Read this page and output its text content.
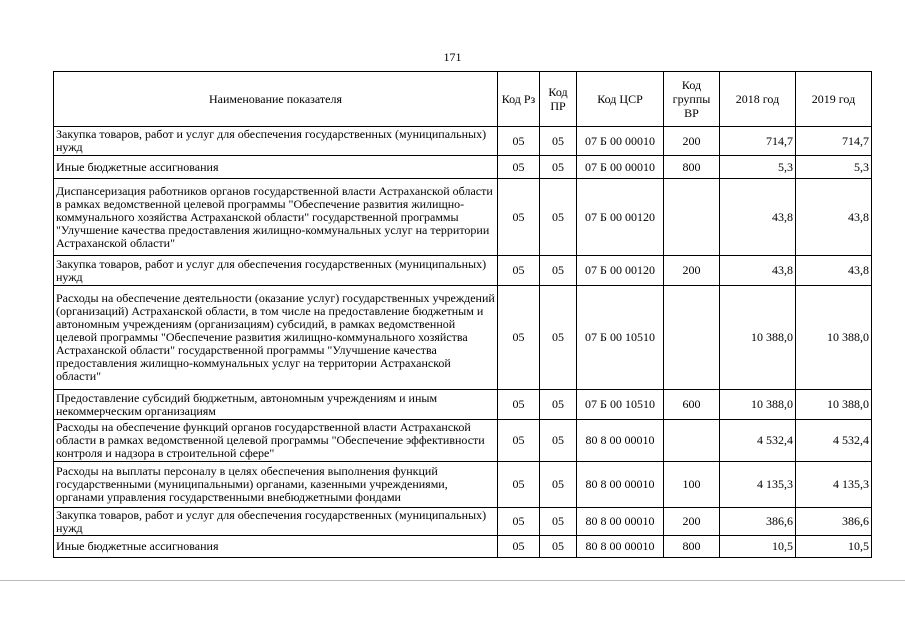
171
Наименование показателя	Код Рз	Код ПР	Код ЦСР	Код группы ВР	2018 год	2019 год
Закупка товаров, работ и услуг для обеспечения государственных (муниципальных) нужд	05	05	07 Б 00 00010	200	714,7	714,7
Иные бюджетные ассигнования	05	05	07 Б 00 00010	800	5,3	5,3
Диспансеризация работников органов государственной власти Астраханской области в рамках ведомственной целевой программы "Обеспечение развития жилищно-коммунального хозяйства Астраханской области" государственной программы "Улучшение качества предоставления жилищно-коммунальных услуг на территории Астраханской области"	05	05	07 Б 00 00120		43,8	43,8
Закупка товаров, работ и услуг для обеспечения государственных (муниципальных) нужд	05	05	07 Б 00 00120	200	43,8	43,8
Расходы на обеспечение деятельности (оказание услуг) государственных учреждений (организаций) Астраханской области, в том числе на предоставление бюджетным и автономным учреждениям (организациям) субсидий, в рамках ведомственной целевой программы "Обеспечение развития жилищно-коммунального хозяйства Астраханской области" государственной программы "Улучшение качества предоставления жилищно-коммунальных услуг на территории Астраханской области"	05	05	07 Б 00 10510		10 388,0	10 388,0
Предоставление субсидий бюджетным, автономным учреждениям и иным некоммерческим организациям	05	05	07 Б 00 10510	600	10 388,0	10 388,0
Расходы на обеспечение функций органов государственной власти Астраханской области в рамках ведомственной целевой программы "Обеспечение эффективности контроля и надзора в строительной сфере"	05	05	80 8 00 00010		4 532,4	4 532,4
Расходы на выплаты персоналу в целях обеспечения выполнения функций государственными (муниципальными) органами, казенными учреждениями, органами управления государственными внебюджетными фондами	05	05	80 8 00 00010	100	4 135,3	4 135,3
Закупка товаров, работ и услуг для обеспечения государственных (муниципальных) нужд	05	05	80 8 00 00010	200	386,6	386,6
Иные бюджетные ассигнования	05	05	80 8 00 00010	800	10,5	10,5
